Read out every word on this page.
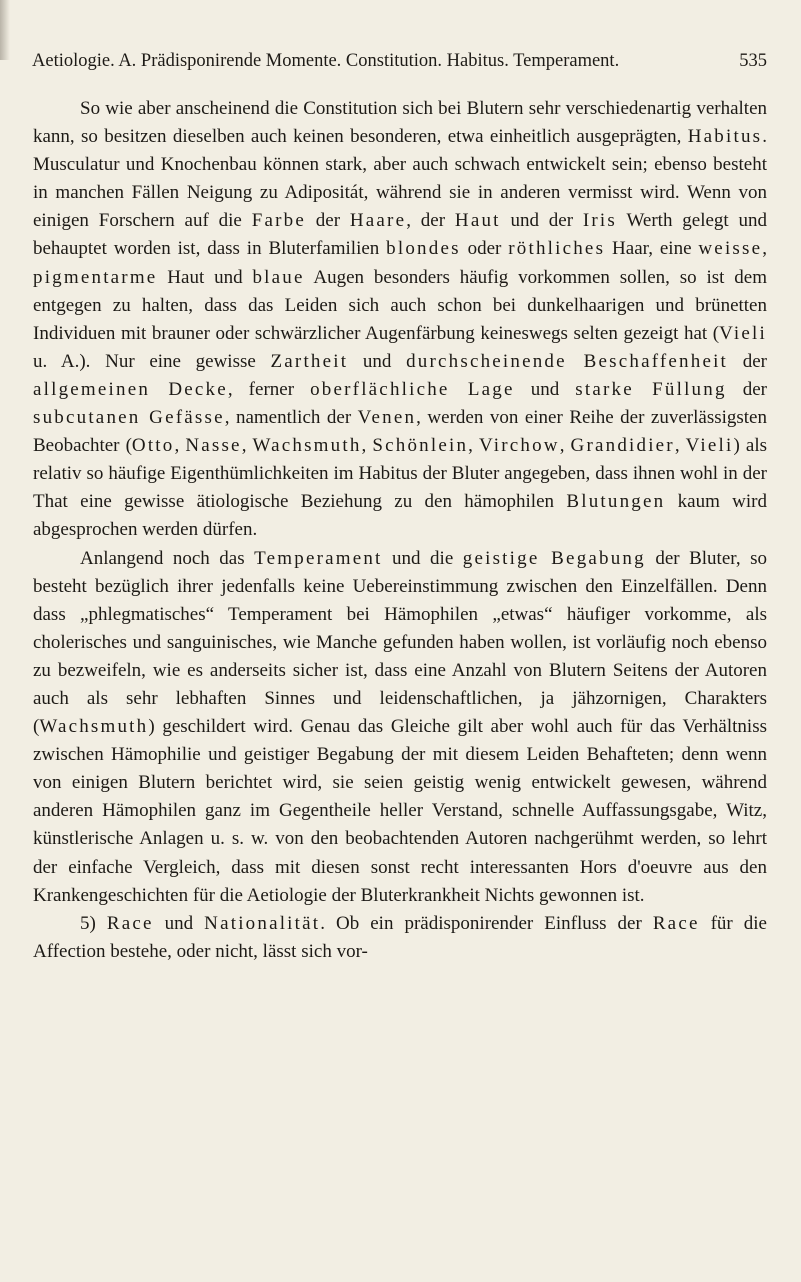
Aetiologie. A. Prädisponirende Momente. Constitution. Habitus. Temperament.	535

So wie aber anscheinend die Constitution sich bei Blutern sehr verschiedenartig verhalten kann, so besitzen dieselben auch keinen besonderen, etwa einheitlich ausgeprägten, Habitus. Musculatur und Knochenbau können stark, aber auch schwach entwickelt sein; ebenso besteht in manchen Fällen Neigung zu Adipositát, während sie in anderen vermisst wird. Wenn von einigen Forschern auf die Farbe der Haare, der Haut und der Iris Werth gelegt und behauptet worden ist, dass in Bluterfamilien blondes oder röthliches Haar, eine weisse, pigmentarme Haut und blaue Augen besonders häufig vorkommen sollen, so ist dem entgegen zu halten, dass das Leiden sich auch schon bei dunkelhaarigen und brünetten Individuen mit brauner oder schwärzlicher Augenfärbung keineswegs selten gezeigt hat (Vieli u. A.). Nur eine gewisse Zartheit und durchscheinende Beschaffenheit der allgemeinen Decke, ferner oberflächliche Lage und starke Füllung der subcutanen Gefässe, namentlich der Venen, werden von einer Reihe der zuverlässigsten Beobachter (Otto, Nasse, Wachsmuth, Schönlein, Virchow, Grandidier, Vieli) als relativ so häufige Eigenthümlichkeiten im Habitus der Bluter angegeben, dass ihnen wohl in der That eine gewisse ätiologische Beziehung zu den hämophilen Blutungen kaum wird abgesprochen werden dürfen.

Anlangend noch das Temperament und die geistige Begabung der Bluter, so besteht bezüglich ihrer jedenfalls keine Uebereinstimmung zwischen den Einzelfällen. Denn dass „phlegmatisches“ Temperament bei Hämophilen „etwas“ häufiger vorkomme, als cholerisches und sanguinisches, wie Manche gefunden haben wollen, ist vorläufig noch ebenso zu bezweifeln, wie es anderseits sicher ist, dass eine Anzahl von Blutern Seitens der Autoren auch als sehr lebhaften Sinnes und leidenschaftlichen, ja jähzornigen, Charakters (Wachsmuth) geschildert wird. Genau das Gleiche gilt aber wohl auch für das Verhältniss zwischen Hämophilie und geistiger Begabung der mit diesem Leiden Behafteten; denn wenn von einigen Blutern berichtet wird, sie seien geistig wenig entwickelt gewesen, während anderen Hämophilen ganz im Gegentheile heller Verstand, schnelle Auffassungsgabe, Witz, künstlerische Anlagen u. s. w. von den beobachtenden Autoren nachgerühmt werden, so lehrt der einfache Vergleich, dass mit diesen sonst recht interessanten Hors d'oeuvre aus den Krankengeschichten für die Aetiologie der Bluterkrankheit Nichts gewonnen ist.

5) Race und Nationalität. Ob ein prädisponirender Einfluss der Race für die Affection bestehe, oder nicht, lässt sich vor-
